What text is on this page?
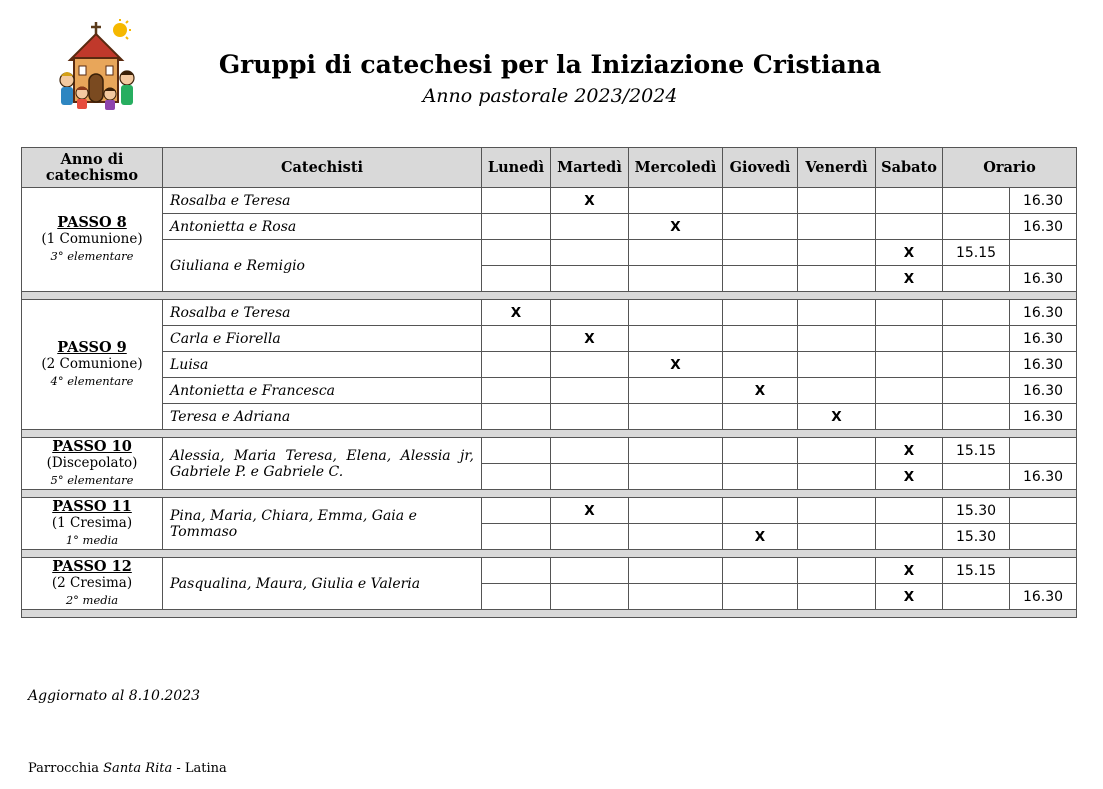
Gruppi di catechesi per la Iniziazione Cristiana
Anno pastorale 2023/2024
Anno di catechismo	Catechisti	Lunedì	Martedì	Mercoledì	Giovedì	Venerdì	Sabato	Orario	

PASSO 8
(1 Comunione)
3° elementare	Rosalba e Teresa		X						16.30
	Antonietta e Rosa			X					16.30
	Giuliana e Remigio						X	15.15	
							X		16.30

PASSO 9
(2 Comunione)
4° elementare	Rosalba e Teresa	X							16.30
	Carla e Fiorella		X						16.30
	Luisa			X					16.30
	Antonietta e Francesca				X				16.30
	Teresa e Adriana					X			16.30

PASSO 10
(Discepolato)
5° elementare	Alessia, Maria Teresa, Elena, Alessia jr, Gabriele P. e Gabriele C.						X	15.15	
							X		16.30

PASSO 11
(1 Cresima)
1° media	Pina, Maria, Chiara, Emma, Gaia e Tommaso		X					15.30	
					X			15.30	

PASSO 12
(2 Cresima)
2° media	Pasqualina, Maura, Giulia e Valeria						X	15.15	
							X		16.30

Aggiornato al 8.10.2023
Parrocchia Santa Rita - Latina
